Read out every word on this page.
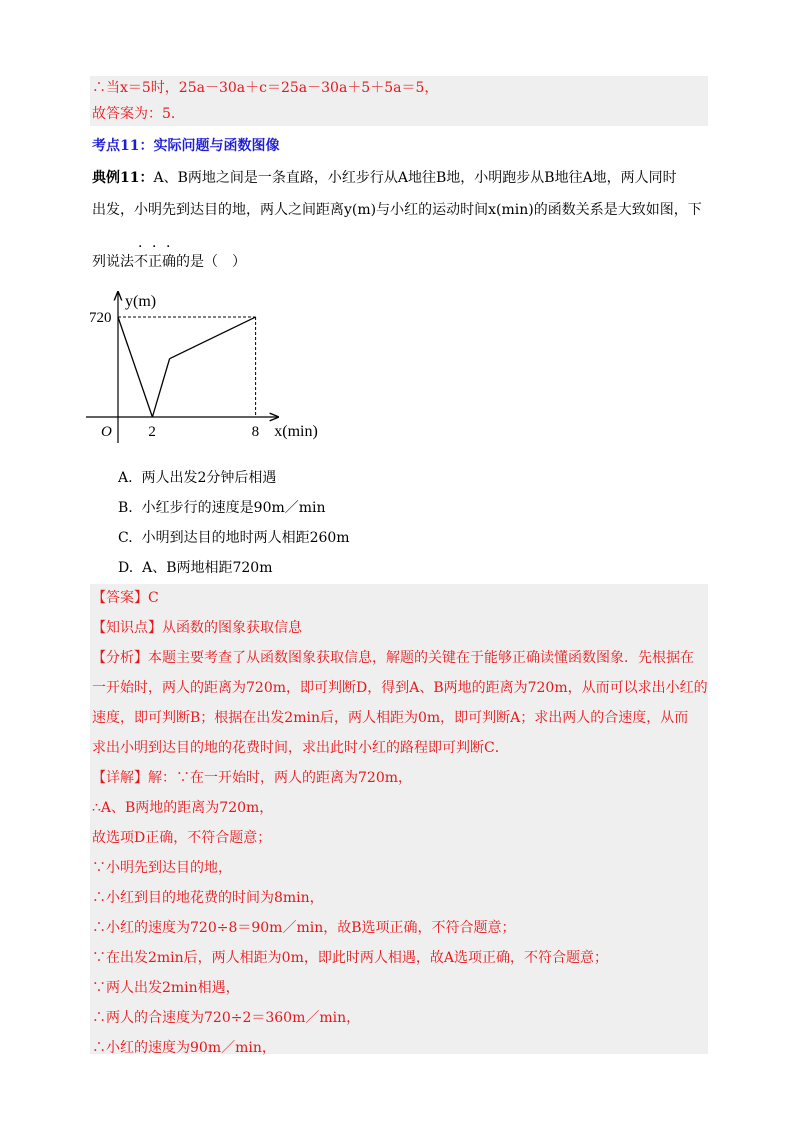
∴当x＝5时，25a－30a＋c＝25a－30a＋5＋5a＝5，
故答案为：5．
考点11：实际问题与函数图像
典例11：A、B两地之间是一条直路，小红步行从A地往B地，小明跑步从B地往A地，两人同时
出发，小明先到达目的地，两人之间距离y(m)与小红的运动时间x(min)的函数关系是大致如图，下
列说法不正确的是（　）
720
O 2	8
y(m)
x(min)
A. 两人出发2分钟后相遇
B. 小红步行的速度是90m／min
C. 小明到达目的地时两人相距260m
D. A、B两地相距720m
【答案】C
【知识点】从函数的图象获取信息
【分析】本题主要考查了从函数图象获取信息，解题的关键在于能够正确读懂函数图象．先根据在
一开始时，两人的距离为720m，即可判断D，得到A、B两地的距离为720m，从而可以求出小红的
速度，即可判断B；根据在出发2min后，两人相距为0m，即可判断A；求出两人的合速度，从而
求出小明到达目的地的花费时间，求出此时小红的路程即可判断C．
【详解】解：∵在一开始时，两人的距离为720m，
∴A、B两地的距离为720m，
故选项D正确，不符合题意；
∵小明先到达目的地，
∴小红到目的地花费的时间为8min，
∴小红的速度为720÷8＝90m／min，故B选项正确，不符合题意；
∵在出发2min后，两人相距为0m，即此时两人相遇，故A选项正确，不符合题意；
∵两人出发2min相遇，
∴两人的合速度为720÷2＝360m／min，
∴小红的速度为90m／min，
